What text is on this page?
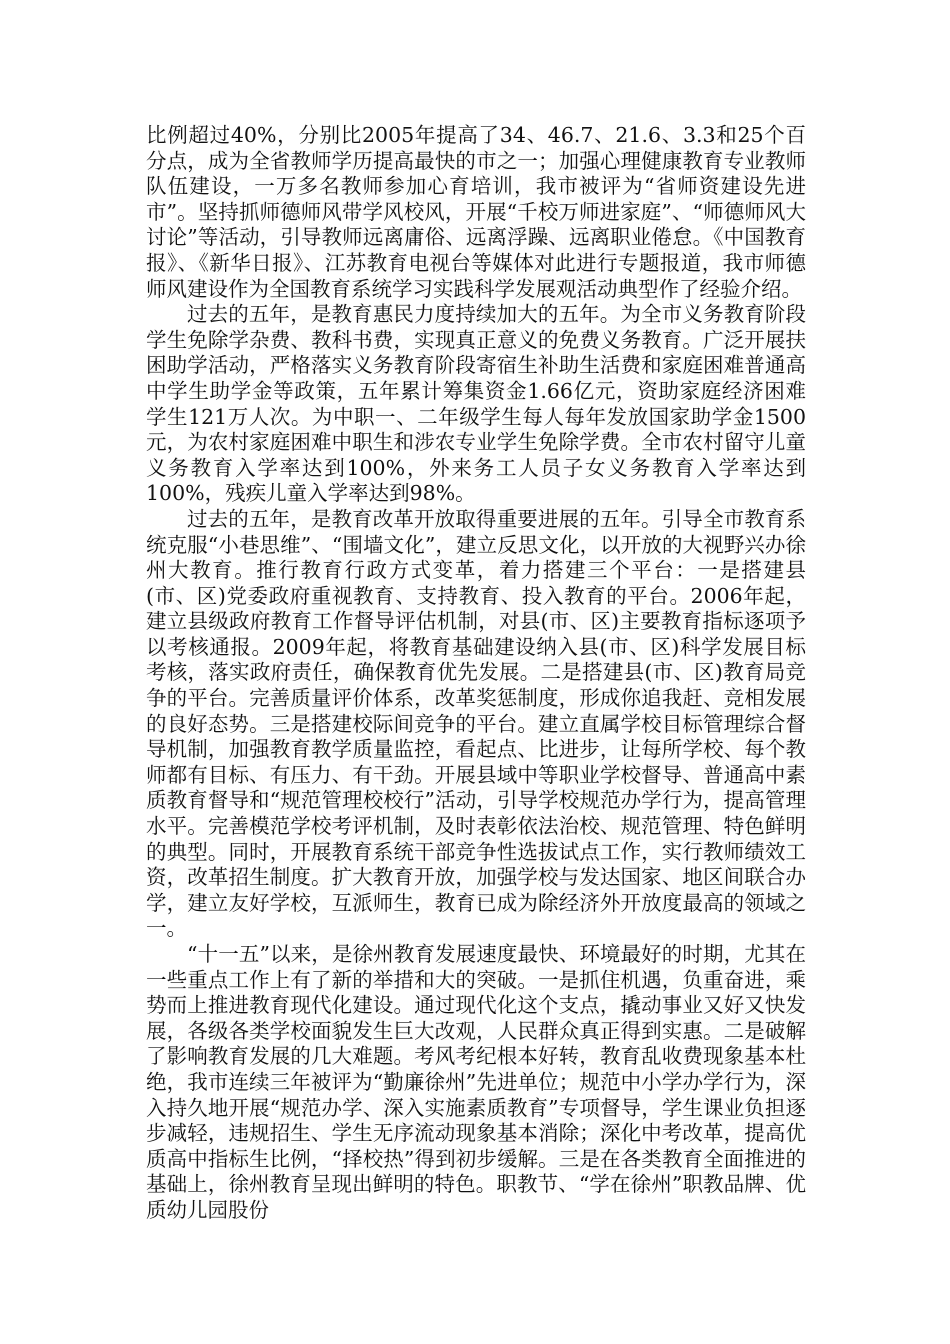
比例超过40%，分别比2005年提高了34、46.7、21.6、3.3和25个百分点，成为全省教师学历提高最快的市之一；加强心理健康教育专业教师队伍建设，一万多名教师参加心育培训，我市被评为“省师资建设先进市”。坚持抓师德师风带学风校风，开展“千校万师进家庭”、“师德师风大讨论”等活动，引导教师远离庸俗、远离浮躁、远离职业倦怠。《中国教育报》、《新华日报》、江苏教育电视台等媒体对此进行专题报道，我市师德师风建设作为全国教育系统学习实践科学发展观活动典型作了经验介绍。

过去的五年，是教育惠民力度持续加大的五年。为全市义务教育阶段学生免除学杂费、教科书费，实现真正意义的免费义务教育。广泛开展扶困助学活动，严格落实义务教育阶段寄宿生补助生活费和家庭困难普通高中学生助学金等政策，五年累计筹集资金1.66亿元，资助家庭经济困难学生121万人次。为中职一、二年级学生每人每年发放国家助学金1500元，为农村家庭困难中职生和涉农专业学生免除学费。全市农村留守儿童义务教育入学率达到100%，外来务工人员子女义务教育入学率达到100%，残疾儿童入学率达到98%。

过去的五年，是教育改革开放取得重要进展的五年。引导全市教育系统克服“小巷思维”、“围墙文化”，建立反思文化，以开放的大视野兴办徐州大教育。推行教育行政方式变革，着力搭建三个平台：一是搭建县(市、区)党委政府重视教育、支持教育、投入教育的平台。2006年起，建立县级政府教育工作督导评估机制，对县(市、区)主要教育指标逐项予以考核通报。2009年起，将教育基础建设纳入县(市、区)科学发展目标考核，落实政府责任，确保教育优先发展。二是搭建县(市、区)教育局竞争的平台。完善质量评价体系，改革奖惩制度，形成你追我赶、竞相发展的良好态势。三是搭建校际间竞争的平台。建立直属学校目标管理综合督导机制，加强教育教学质量监控，看起点、比进步，让每所学校、每个教师都有目标、有压力、有干劲。开展县域中等职业学校督导、普通高中素质教育督导和“规范管理校校行”活动，引导学校规范办学行为，提高管理水平。完善模范学校考评机制，及时表彰依法治校、规范管理、特色鲜明的典型。同时，开展教育系统干部竞争性选拔试点工作，实行教师绩效工资，改革招生制度。扩大教育开放，加强学校与发达国家、地区间联合办学，建立友好学校，互派师生，教育已成为除经济外开放度最高的领域之一。

“十一五”以来，是徐州教育发展速度最快、环境最好的时期，尤其在一些重点工作上有了新的举措和大的突破。一是抓住机遇，负重奋进，乘势而上推进教育现代化建设。通过现代化这个支点，撬动事业又好又快发展，各级各类学校面貌发生巨大改观，人民群众真正得到实惠。二是破解了影响教育发展的几大难题。考风考纪根本好转，教育乱收费现象基本杜绝，我市连续三年被评为“勤廉徐州”先进单位；规范中小学办学行为，深入持久地开展“规范办学、深入实施素质教育”专项督导，学生课业负担逐步减轻，违规招生、学生无序流动现象基本消除；深化中考改革，提高优质高中指标生比例，“择校热”得到初步缓解。三是在各类教育全面推进的基础上，徐州教育呈现出鲜明的特色。职教节、“学在徐州”职教品牌、优质幼儿园股份
